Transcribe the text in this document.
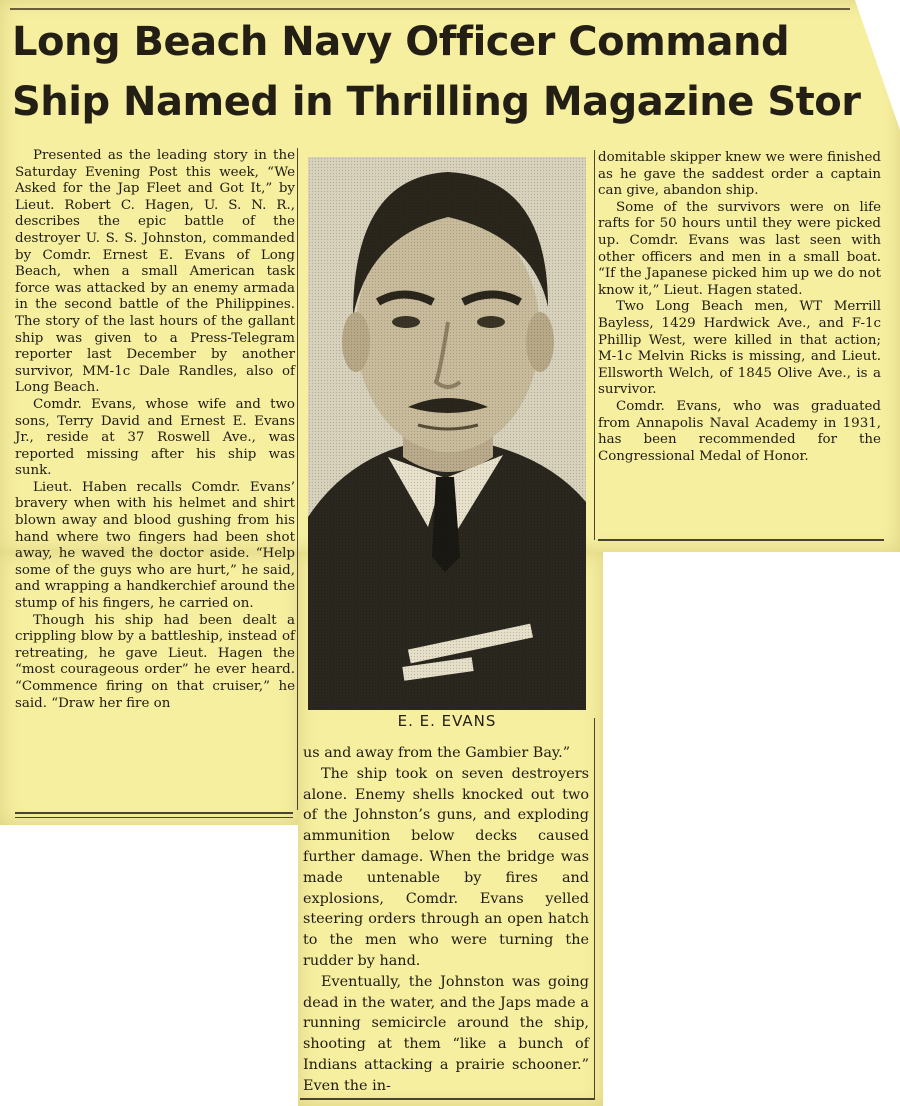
Long Beach Navy Officer Command
Ship Named in Thrilling Magazine Stor

Presented as the leading story in the Saturday Evening Post this week, “We Asked for the Jap Fleet and Got It,” by Lieut. Robert C. Hagen, U. S. N. R., describes the epic battle of the destroyer U. S. S. Johnston, commanded by Comdr. Ernest E. Evans of Long Beach, when a small American task force was attacked by an enemy armada in the second battle of the Philippines. The story of the last hours of the gallant ship was given to a Press-Telegram reporter last December by another survivor, MM-1c Dale Randles, also of Long Beach.

Comdr. Evans, whose wife and two sons, Terry David and Ernest E. Evans Jr., reside at 37 Roswell Ave., was reported missing after his ship was sunk.

Lieut. Haben recalls Comdr. Evans’ bravery when with his helmet and shirt blown away and blood gushing from his hand where two fingers had been shot away, he waved the doctor aside. “Help some of the guys who are hurt,” he said, and wrapping a handkerchief around the stump of his fingers, he carried on.

Though his ship had been dealt a crippling blow by a battleship, instead of retreating, he gave Lieut. Hagen the “most courageous order” he ever heard. “Commence firing on that cruiser,” he said. “Draw her fire on

E. E. EVANS

us and away from the Gambier Bay.”

The ship took on seven destroyers alone. Enemy shells knocked out two of the Johnston’s guns, and exploding ammunition below decks caused further damage. When the bridge was made untenable by fires and explosions, Comdr. Evans yelled steering orders through an open hatch to the men who were turning the rudder by hand.

Eventually, the Johnston was going dead in the water, and the Japs made a running semicircle around the ship, shooting at them “like a bunch of Indians attacking a prairie schooner.” Even the in-

domitable skipper knew we were finished as he gave the saddest order a captain can give, abandon ship.

Some of the survivors were on life rafts for 50 hours until they were picked up. Comdr. Evans was last seen with other officers and men in a small boat. “If the Japanese picked him up we do not know it,” Lieut. Hagen stated.

Two Long Beach men, WT Merrill Bayless, 1429 Hardwick Ave., and F-1c Phillip West, were killed in that action; M-1c Melvin Ricks is missing, and Lieut. Ellsworth Welch, of 1845 Olive Ave., is a survivor.

Comdr. Evans, who was graduated from Annapolis Naval Academy in 1931, has been recommended for the Congressional Medal of Honor.
